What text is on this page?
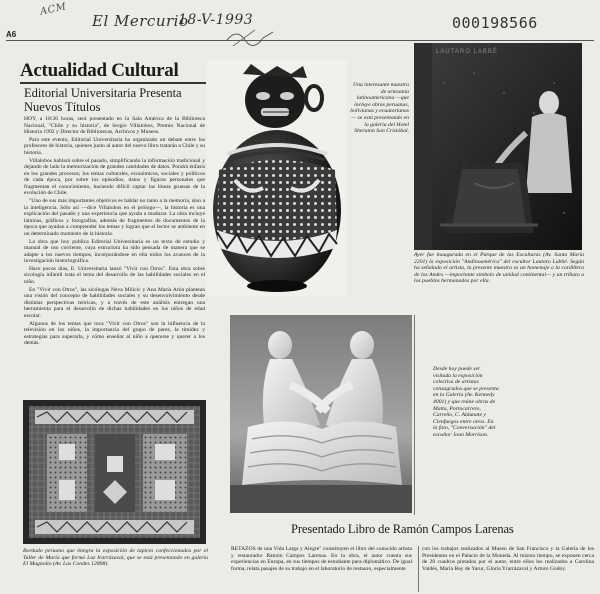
A6
ACM
El Mercurio
18-V-1993	000198566
Actualidad Cultural
Editorial Universitaria Presenta Nuevos Títulos

HOY, a 18:30 horas, será presentado en la Sala América de la Biblioteca Nacional, "Chile y su historia", de Sergio Villalobos, Premio Nacional de Historia 1992 y Director de Bibliotecas, Archivos y Museos.

Para este evento, Editorial Universitaria ha organizado un debate entre los profesores de historia, quienes junto al autor del nuevo libro tratarán a Chile y su historia.

Villalobos hablará sobre el pasado, simplificando la información tradicional y dejando de lado la memorización de grandes cantidades de datos. Pondrá énfasis en los grandes procesos; los temas culturales, económicos, sociales y políticos de cada época, por sobre los episodios, datos y figuras personales que fragmentan el conocimiento, haciendo difícil captar las líneas gruesas de la evolución de Chile.

"Uno de sus más importantes objetivos es hablar no tanto a la memoria, sino a la inteligencia. Sólo así —dice Villalobos en el prólogo—, la historia es una explicación del pasado y una experiencia que ayuda a madurar. La obra incluye láminas, gráficos y fotografías, además de fragmentos de documentos de la época que ayudan a comprender los temas y logran que el lector se ambiente en un determinado momento de la historia.

La obra que hoy publica Editorial Universitaria es un texto de estudio y manual de uso corriente, cuya estructura ha sido pensada de manera que se adapte a los nuevos tiempos, incorporándose en ella todos los avances de la investigación historiográfica.

Hace pocos días, E. Universitaria lanzó "Vivir con Otros". Esta obra sobre sicología infantil trata el tema del desarrollo de las habilidades sociales en el niño.

En "Vivir con Otros", las sicólogas Neva Milicic y Ana María Arón plantean una visión del concepto de habilidades sociales y su desenvolvimiento desde distintas perspectivas teóricas, y a través de este análisis entregan una herramienta para el desarrollo de dichas habilidades en los niños de edad escolar.

Algunos de los temas que toca "Vivir con Otros" son la influencia de la televisión en los niños, la importancia del grupo de pares, la timidez y estrategias para superarla, y cómo enseñar al niño a quererse y querer a los demás.

Una interesante muestra de artesanía latinoamericana —que incluye obras peruanas, bolivianas y ecuatorianas— se está presentando en la galería del Hotel Sheraton San Cristóbal.
LAUTARO LABBÉ
Ayer fue inaugurada en el Parque de las Esculturas (Av. Santa María 2201) la exposición "Andinoamérica" del escultor Lautaro Labbé. Según ha señalado el artista, la presente muestra es un homenaje a la cordillera de los Andes —importante símbolo de unidad continental— y un tributo a los pueblos hermanados por ella.
Bordado peruano que integra la exposición de tapices confeccionados por el Taller de María que formó Luz Irarrázaval, que se está presentando en galería El Magnolio (Av. Las Condes 12898).
Desde hoy puede ser visitada la exposición colectiva de artistas consagrados que se presenta en la Galería (Av. Kennedy 4001) y que reúne obras de Matta, Portocarrero, Carreño, C. Aldunate y Cienfuegos entre otros. En la foto, "Conversación" del escultor Joan Morrison.
Presentado Libro de Ramón Campos Larenas

RETAZOS de una Vida Larga y Alegre" constituyen el libro del conocido artista y restaurador Ramón Campos Larenas. En la obra, el autor cuenta sus experiencias en Europa, en sus tiempos de estudiante para diplomático. De igual forma, relata pasajes de su trabajo en el laboratorio de restauro, especialmente

con los trabajos realizados al Museo de San Francisco y la Galería de los Presidentes en el Palacio de la Moneda. Al mismo tiempo, se exponen cerca de 20 cuadros pintados por el autor, entre ellos los realizados a Carolina Valdés, María Rey de Yarur, Gloria Yrarrázaval y Arturo Godoy.
